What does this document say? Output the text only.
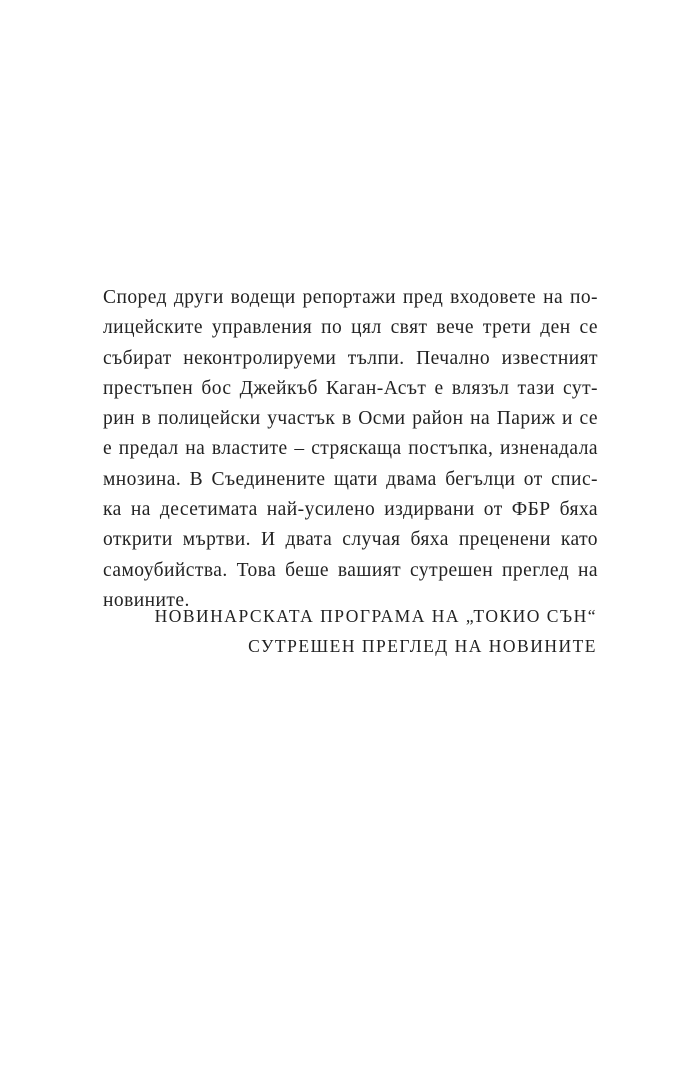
Според други водещи репортажи пред входовете на по-
лицейските управления по цял свят вече трети ден се
събират неконтролируеми тълпи. Печално известният
престъпен бос Джейкъб Каган-Асът е влязъл тази сут-
рин в полицейски участък в Осми район на Париж и се
е предал на властите – стряскаща постъпка, изненадала
мнозина. В Съединените щати двама бегълци от спис-
ка на десетимата най-усилено издирвани от ФБР бяха
открити мъртви. И двата случая бяха преценени като
самоубийства. Това беше вашият сутрешен преглед на
новините.
НОВИНАРСКАТА ПРОГРАМА НА „ТОКИО СЪН“
СУТРЕШЕН ПРЕГЛЕД НА НОВИНИТЕ
